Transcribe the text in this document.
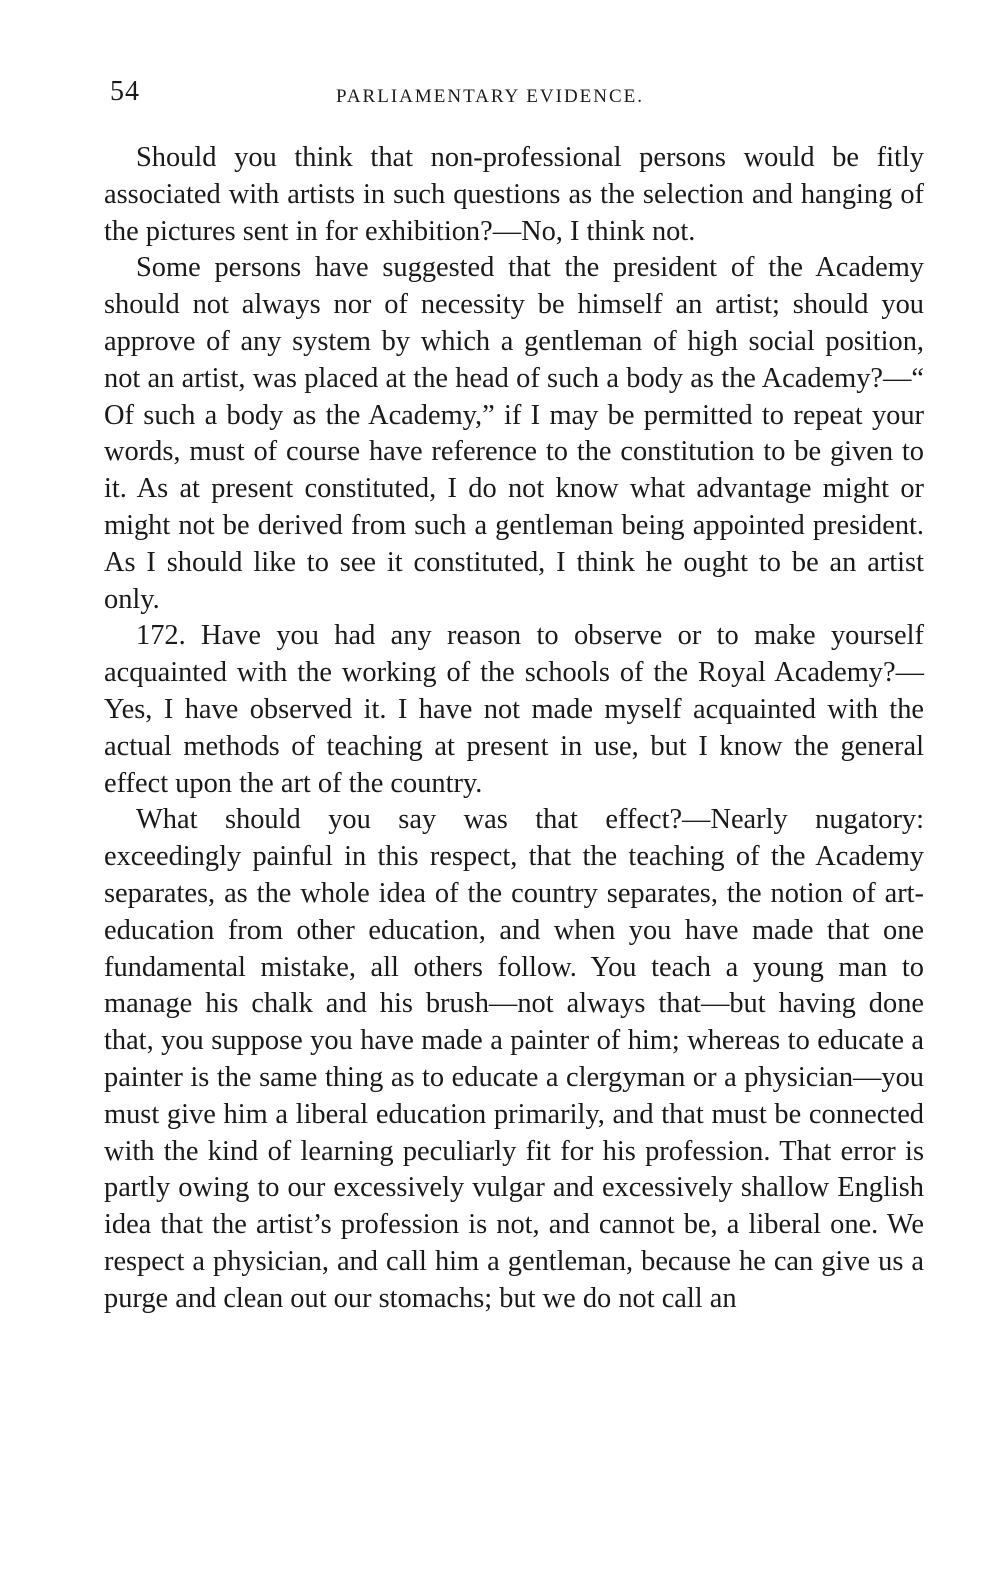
54	PARLIAMENTARY EVIDENCE.

Should you think that non-professional persons would be fitly associated with artists in such questions as the selection and hanging of the pictures sent in for exhibition?—No, I think not.

Some persons have suggested that the president of the Academy should not always nor of necessity be himself an artist; should you approve of any system by which a gentleman of high social position, not an artist, was placed at the head of such a body as the Academy?—“ Of such a body as the Academy,” if I may be permitted to repeat your words, must of course have reference to the constitution to be given to it. As at present constituted, I do not know what advantage might or might not be derived from such a gentleman being appointed president. As I should like to see it constituted, I think he ought to be an artist only.

172. Have you had any reason to observe or to make yourself acquainted with the working of the schools of the Royal Academy?—Yes, I have observed it. I have not made myself acquainted with the actual methods of teaching at present in use, but I know the general effect upon the art of the country.

What should you say was that effect?—Nearly nugatory: exceedingly painful in this respect, that the teaching of the Academy separates, as the whole idea of the country separates, the notion of art-education from other education, and when you have made that one fundamental mistake, all others follow. You teach a young man to manage his chalk and his brush—not always that—but having done that, you suppose you have made a painter of him; whereas to educate a painter is the same thing as to educate a clergyman or a physician—you must give him a liberal education primarily, and that must be connected with the kind of learning peculiarly fit for his profession. That error is partly owing to our excessively vulgar and excessively shallow English idea that the artist’s profession is not, and cannot be, a liberal one. We respect a physician, and call him a gentleman, because he can give us a purge and clean out our stomachs; but we do not call an
